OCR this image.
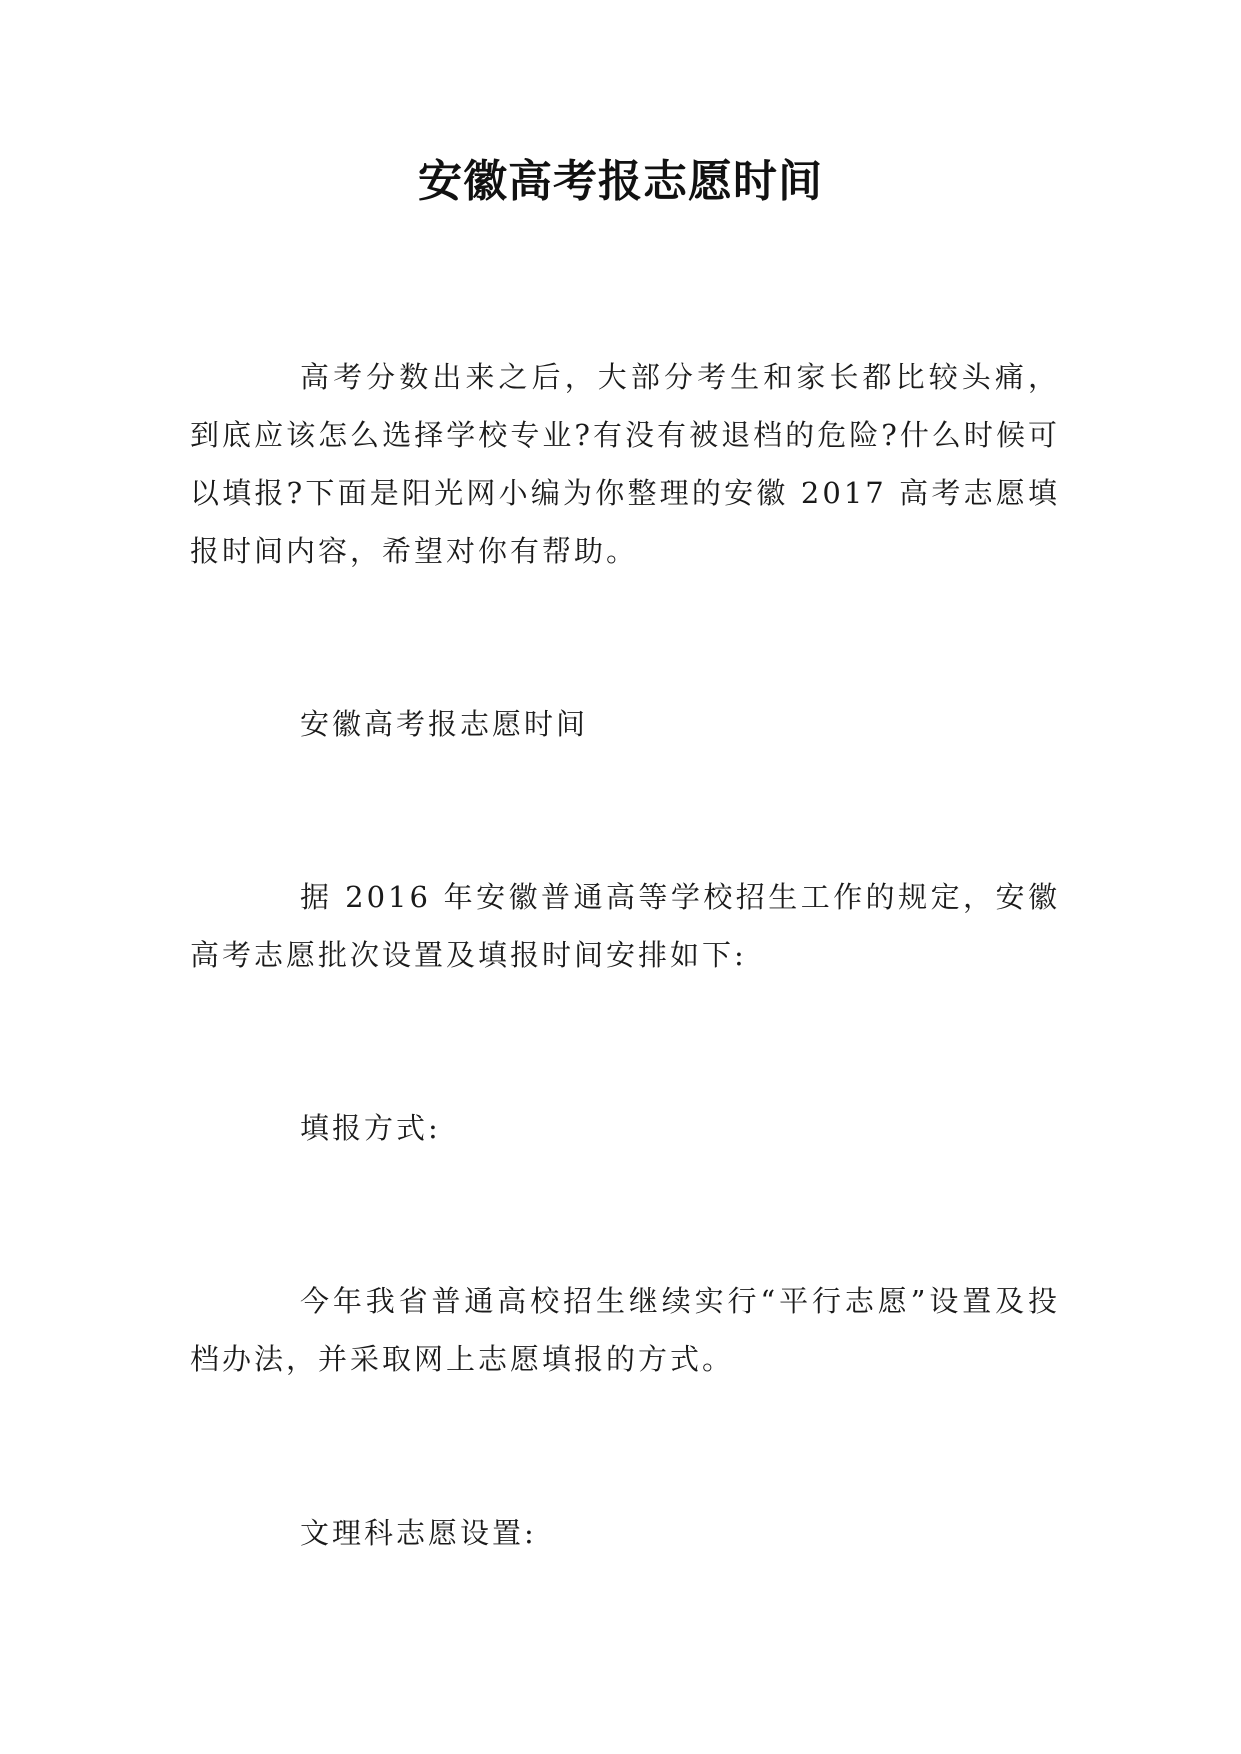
安徽高考报志愿时间

高考分数出来之后，大部分考生和家长都比较头痛，到底应该怎么选择学校专业?有没有被退档的危险?什么时候可以填报?下面是阳光网小编为你整理的安徽 2017 高考志愿填报时间内容，希望对你有帮助。

安徽高考报志愿时间

据 2016 年安徽普通高等学校招生工作的规定，安徽高考志愿批次设置及填报时间安排如下:

填报方式:

今年我省普通高校招生继续实行“平行志愿”设置及投档办法，并采取网上志愿填报的方式。

文理科志愿设置:
